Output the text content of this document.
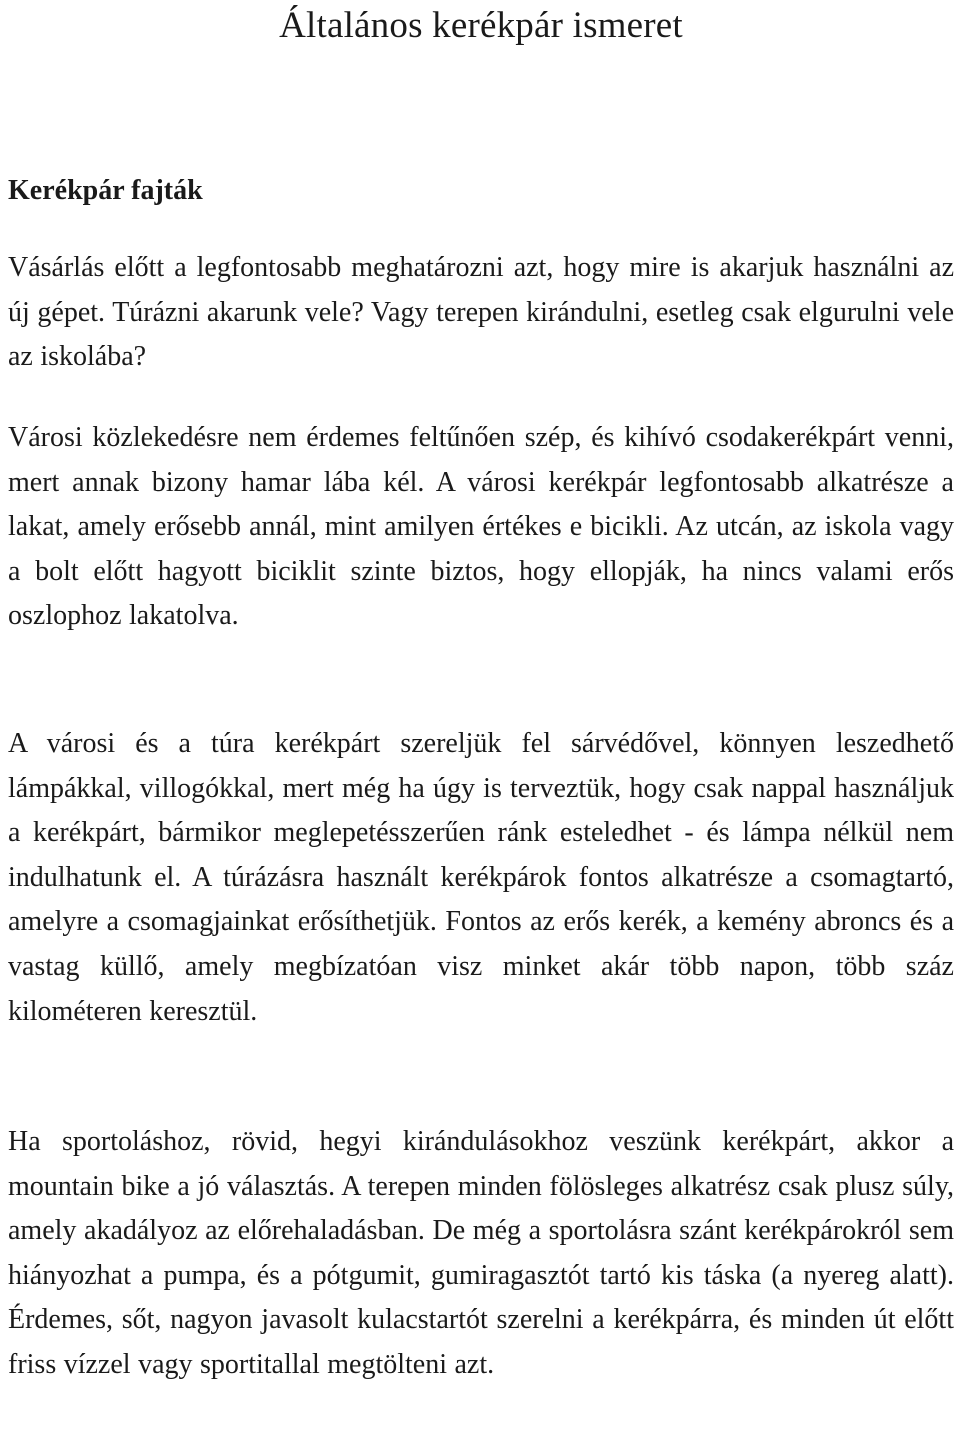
Általános kerékpár ismeret
Kerékpár fajták

Vásárlás előtt a legfontosabb meghatározni azt, hogy mire is akarjuk használni az új gépet. Túrázni akarunk vele? Vagy terepen kirándulni, esetleg csak elgurulni vele az iskolába?

Városi közlekedésre nem érdemes feltűnően szép, és kihívó csodakerékpárt venni, mert annak bizony hamar lába kél. A városi kerékpár legfontosabb alkatrésze a lakat, amely erősebb annál, mint amilyen értékes e bicikli. Az utcán, az iskola vagy a bolt előtt hagyott biciklit szinte biztos, hogy ellopják, ha nincs valami erős oszlophoz lakatolva.

A városi és a túra kerékpárt szereljük fel sárvédővel, könnyen leszedhető lámpákkal, villogókkal, mert még ha úgy is terveztük, hogy csak nappal használjuk a kerékpárt, bármikor meglepetésszerűen ránk esteledhet - és lámpa nélkül nem indulhatunk el. A túrázásra használt kerékpárok fontos alkatrésze a csomagtartó, amelyre a csomagjainkat erősíthetjük. Fontos az erős kerék, a kemény abroncs és a vastag küllő, amely megbízatóan visz minket akár több napon, több száz kilométeren keresztül.

Ha sportoláshoz, rövid, hegyi kirándulásokhoz veszünk kerékpárt, akkor a mountain bike a jó választás. A terepen minden fölösleges alkatrész csak plusz súly, amely akadályoz az előrehaladásban. De még a sportolásra szánt kerékpárokról sem hiányozhat a pumpa, és a pótgumit, gumiragasztót tartó kis táska (a nyereg alatt). Érdemes, sőt, nagyon javasolt kulacstartót szerelni a kerékpárra, és minden út előtt friss vízzel vagy sportitallal megtölteni azt.
